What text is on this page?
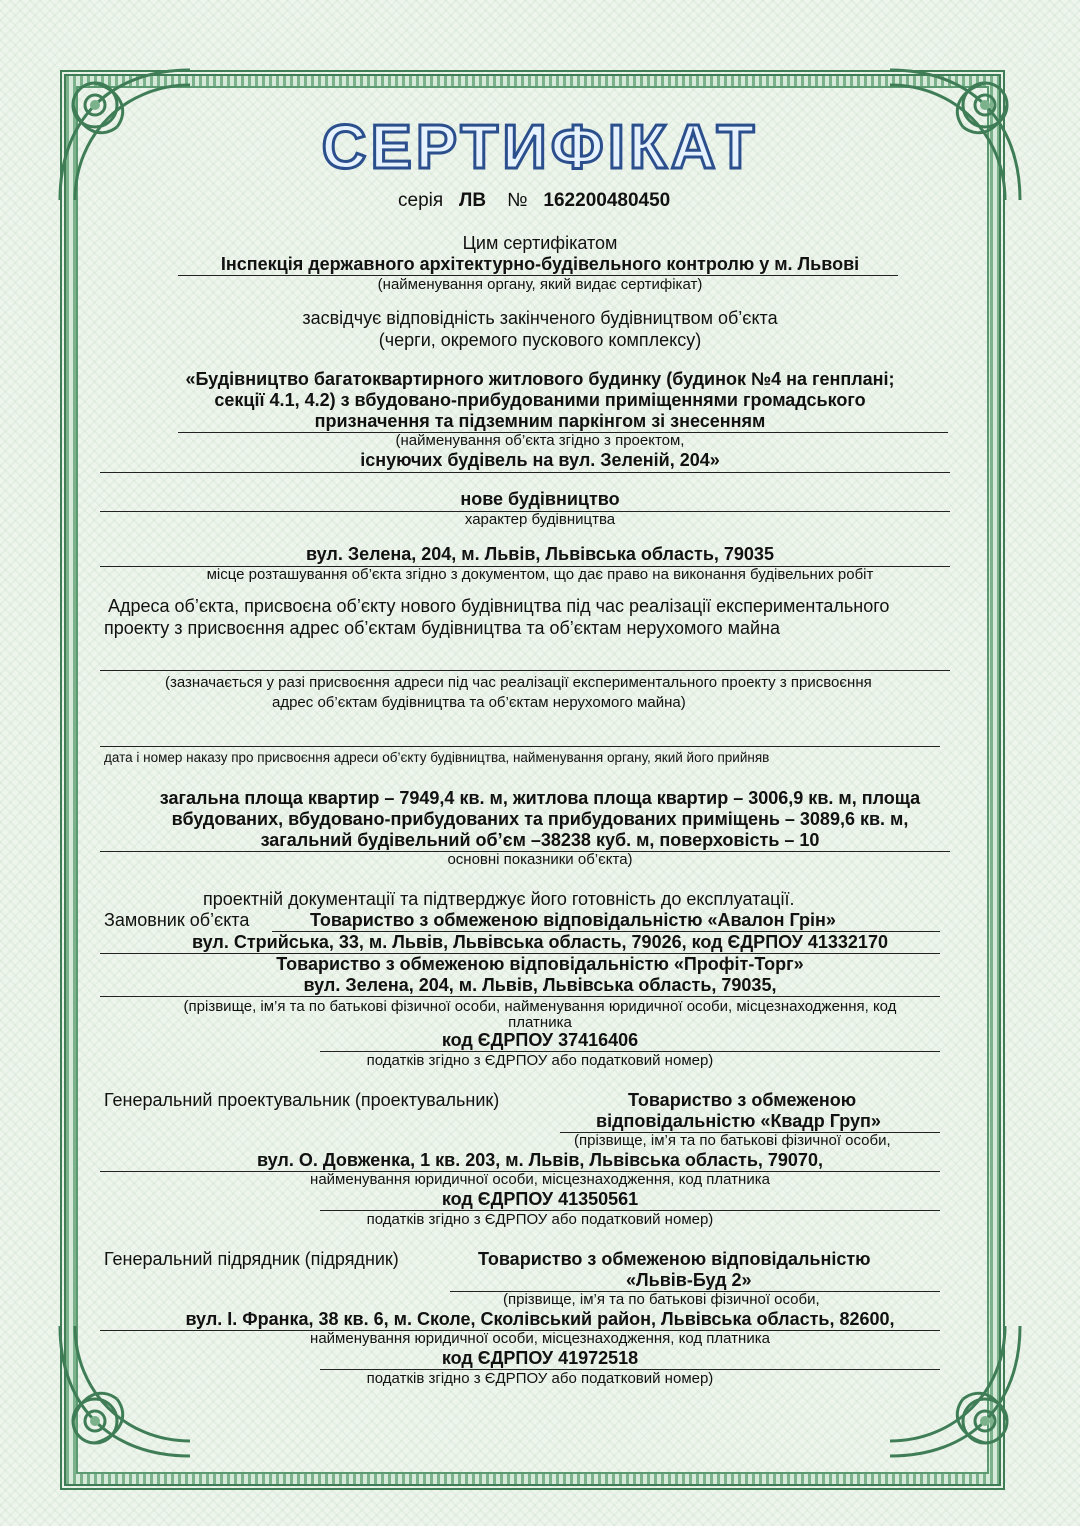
СЕРТИФІКАТ
серія ЛВ № 162200480450
Цим сертифікатом
Інспекція державного архітектурно-будівельного контролю у м. Львові
(найменування органу, який видає сертифікат)
засвідчує відповідність закінченого будівництвом об’єкта
(черги, окремого пускового комплексу)
«Будівництво багатоквартирного житлового будинку (будинок №4 на генплані;
секції 4.1, 4.2) з вбудовано-прибудованими приміщеннями громадського
призначення та підземним паркінгом зі знесенням
(найменування об’єкта згідно з проектом,
існуючих будівель на вул. Зеленій, 204»
нове будівництво
характер будівництва
вул. Зелена, 204, м. Львів, Львівська область, 79035
місце розташування об’єкта згідно з документом, що дає право на виконання будівельних робіт
Адреса об’єкта, присвоєна об’єкту нового будівництва під час реалізації експериментального
проекту з присвоєння адрес об’єктам будівництва та об’єктам нерухомого майна
(зазначається у разі присвоєння адреси під час реалізації експериментального проекту з присвоєння
адрес об’єктам будівництва та об’єктам нерухомого майна)
дата і номер наказу про присвоєння адреси об’єкту будівництва, найменування органу, який його прийняв
загальна площа квартир – 7949,4 кв. м, житлова площа квартир – 3006,9 кв. м, площа
вбудованих, вбудовано-прибудованих та прибудованих приміщень – 3089,6 кв. м,
загальний будівельний об’єм –38238 куб. м, поверховість – 10
основні показники об’єкта)
проектній документації та підтверджує його готовність до експлуатації.
Замовник об’єкта	Товариство з обмеженою відповідальністю «Авалон Грін»
вул. Стрийська, 33, м. Львів, Львівська область, 79026, код ЄДРПОУ 41332170
Товариство з обмеженою відповідальністю «Профіт-Торг»
вул. Зелена, 204, м. Львів, Львівська область, 79035,
(прізвище, ім’я та по батькові фізичної особи, найменування юридичної особи, місцезнаходження, код
платника
код ЄДРПОУ 37416406
податків згідно з ЄДРПОУ або податковий номер)
Генеральний проектувальник (проектувальник)	Товариство з обмеженою
відповідальністю «Квадр Груп»
(прізвище, ім’я та по батькові фізичної особи,
вул. О. Довженка, 1 кв. 203, м. Львів, Львівська область, 79070,
найменування юридичної особи, місцезнаходження, код платника
код ЄДРПОУ 41350561
податків згідно з ЄДРПОУ або податковий номер)
Генеральний підрядник (підрядник)	Товариство з обмеженою відповідальністю
«Львів-Буд 2»
(прізвище, ім’я та по батькові фізичної особи,
вул. І. Франка, 38 кв. 6, м. Сколе, Сколівський район, Львівська область, 82600,
найменування юридичної особи, місцезнаходження, код платника
код ЄДРПОУ 41972518
податків згідно з ЄДРПОУ або податковий номер)
